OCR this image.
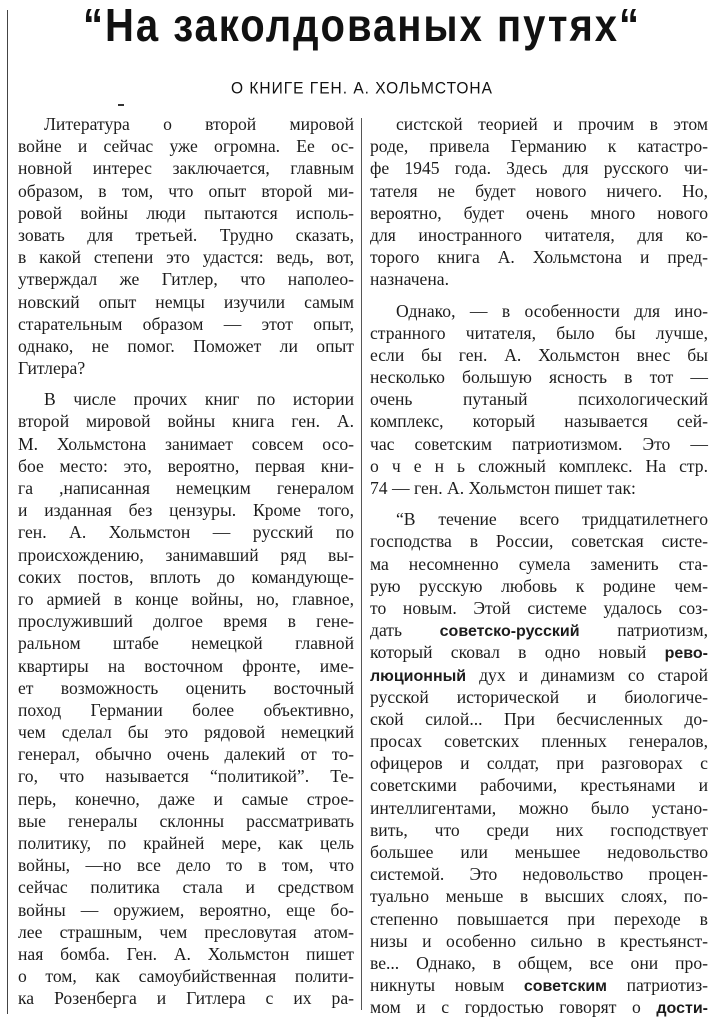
“На заколдованых путях“
О КНИГЕ ГЕН. А. ХОЛЬМСТОНА
Литература о второй мировой
войне и сейчас уже огромна. Ее ос-
новной интерес заключается, главным
образом, в том, что опыт второй ми-
ровой войны люди пытаются исполь-
зовать для третьей. Трудно сказать,
в какой степени это удастся: ведь, вот,
утверждал же Гитлер, что наполео-
новский опыт немцы изучили самым
старательным образом — этот опыт,
однако, не помог. Поможет ли опыт
Гитлера?
В числе прочих книг по истории
второй мировой войны книга ген. А.
М. Хольмстона занимает совсем осо-
бое место: это, вероятно, первая кни-
га ,написанная немецким генералом
и изданная без цензуры. Кроме того,
ген. А. Хольмстон — русский по
происхождению, занимавший ряд вы-
соких постов, вплоть до командующе-
го армией в конце войны, но, главное,
прослуживший долгое время в гене-
ральном штабе немецкой главной
квартиры на восточном фронте, име-
ет возможность оценить восточный
поход Германии более объективно,
чем сделал бы это рядовой немецкий
генерал, обычно очень далекий от то-
го, что называется “политикой”. Те-
перь, конечно, даже и самые строе-
вые генералы склонны рассматривать
политику, по крайней мере, как цель
войны, —но все дело то в том, что
сейчас политика стала и средством
войны — оружием, вероятно, еще бо-
лее страшным, чем пресловутая атом-
ная бомба. Ген. А. Хольмстон пишет
о том, как самоубийственная полити-
ка Розенберга и Гитлера с их ра-
систской теорией и прочим в этом
роде, привела Германию к катастро-
фе 1945 года. Здесь для русского чи-
тателя не будет нового ничего. Но,
вероятно, будет очень много нового
для иностранного читателя, для ко-
торого книга А. Хольмстона и пред-
назначена.
Однако, — в особенности для ино-
странного читателя, было бы лучше,
если бы ген. А. Хольмстон внес бы
несколько большую ясность в тот —
очень путаный психологический
комплекс, который называется сей-
час советским патриотизмом. Это —
о ч е н ь сложный комплекс. На стр.
74 — ген. А. Хольмстон пишет так:
“В течение всего тридцатилетнего
господства в России, советская систе-
ма несомненно сумела заменить ста-
рую русскую любовь к родине чем-
то новым. Этой системе удалось соз-
дать советско-русский патриотизм,
который сковал в одно новый рево-
люционный дух и динамизм со старой
русской исторической и биологиче-
ской силой... При бесчисленных до-
просах советских пленных генералов,
офицеров и солдат, при разговорах с
советскими рабочими, крестьянами и
интеллигентами, можно было устано-
вить, что среди них господствует
большее или меньшее недовольство
системой. Это недовольство процен-
туально меньше в высших слоях, по-
степенно повышается при переходе в
низы и особенно сильно в крестьянст-
ве... Однако, в общем, все они про-
никнуты новым советским патриотиз-
мом и с гордостью говорят о дости-
